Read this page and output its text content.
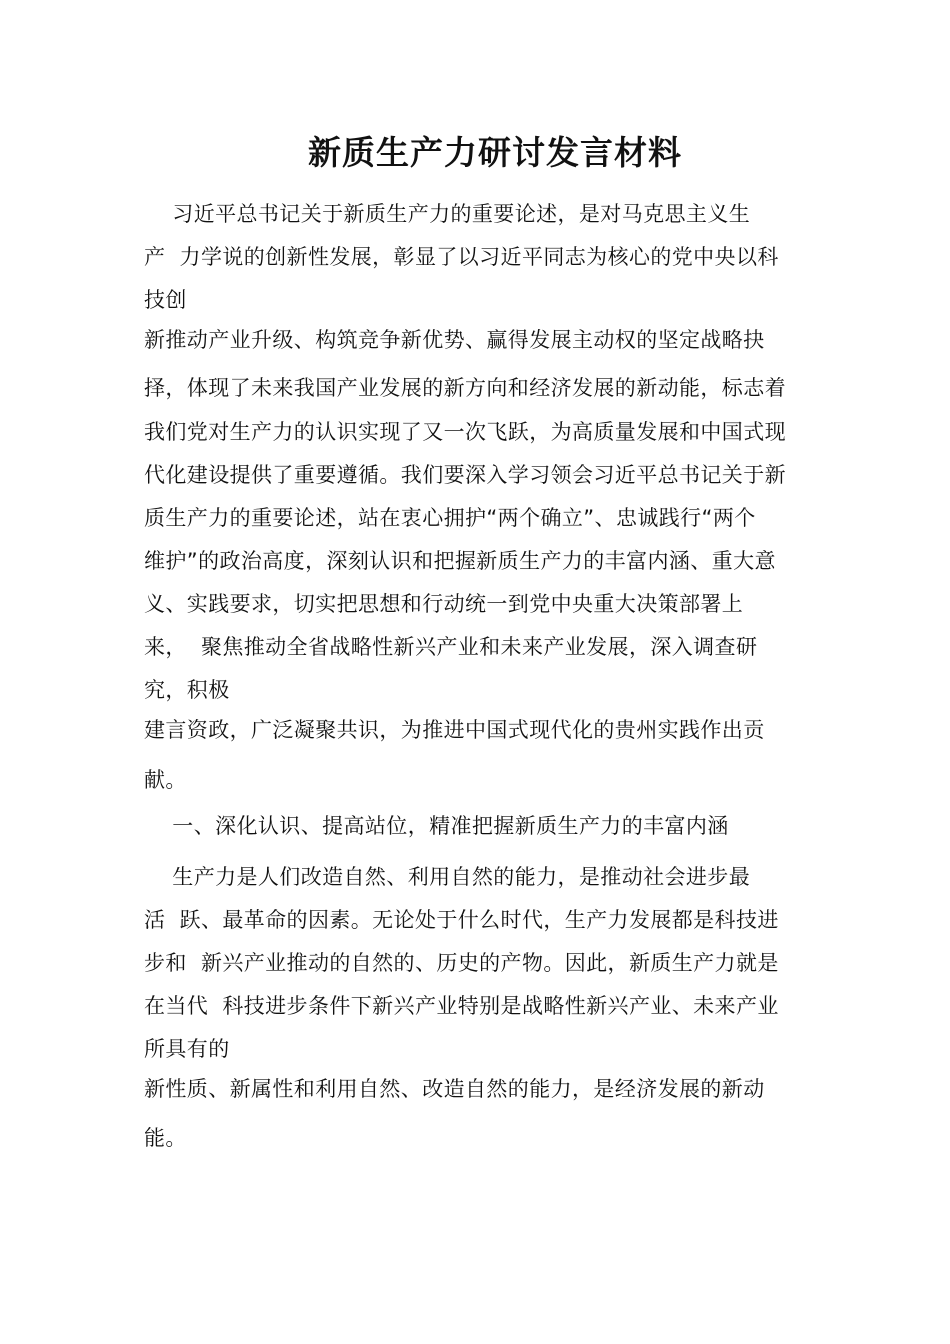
新质生产力研讨发言材料
习近平总书记关于新质生产力的重要论述，是对马克思主义生
产  力学说的创新性发展，彰显了以习近平同志为核心的党中央以科
技创
新推动产业升级、构筑竞争新优势、赢得发展主动权的坚定战略抉
择，体现了未来我国产业发展的新方向和经济发展的新动能，标志着
我们党对生产力的认识实现了又一次飞跃，为高质量发展和中国式现
代化建设提供了重要遵循。我们要深入学习领会习近平总书记关于新
质生产力的重要论述，站在衷心拥护“两个确立”、忠诚践行“两个
维护”的政治高度，深刻认识和把握新质生产力的丰富内涵、重大意
义、实践要求，切实把思想和行动统一到党中央重大决策部署上
来，  聚焦推动全省战略性新兴产业和未来产业发展，深入调查研
究，积极
建言资政，广泛凝聚共识，为推进中国式现代化的贵州实践作出贡
献。
一、深化认识、提高站位，精准把握新质生产力的丰富内涵
生产力是人们改造自然、利用自然的能力，是推动社会进步最
活  跃、最革命的因素。无论处于什么时代，生产力发展都是科技进
步和  新兴产业推动的自然的、历史的产物。因此，新质生产力就是
在当代  科技进步条件下新兴产业特别是战略性新兴产业、未来产业
所具有的
新性质、新属性和利用自然、改造自然的能力，是经济发展的新动
能。
